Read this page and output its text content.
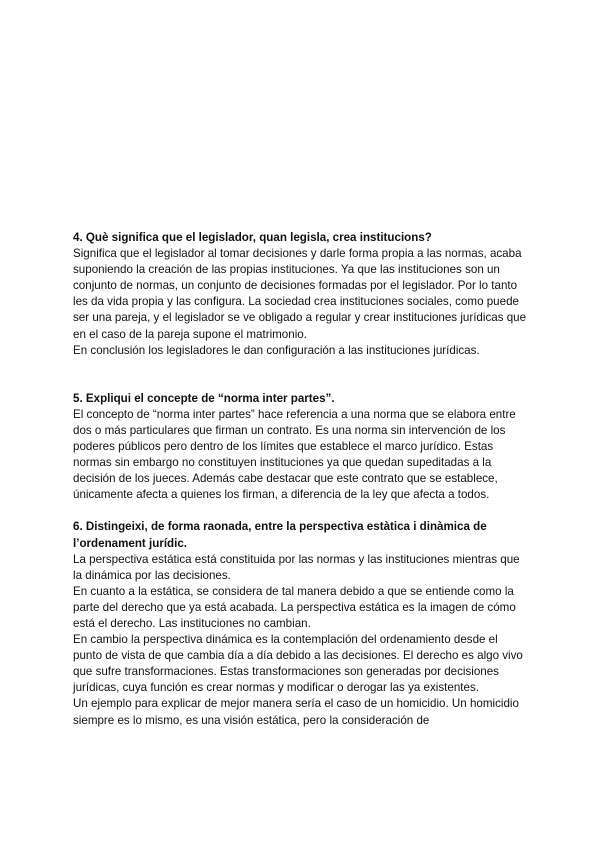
4. Què significa que el legislador, quan legisla, crea institucions?

Significa que el legislador al tomar decisiones y darle forma propia a las normas, acaba suponiendo la creación de las propias instituciones. Ya que las instituciones son un conjunto de normas, un conjunto de decisiones formadas por el legislador. Por lo tanto les da vida propia y las configura. La sociedad crea instituciones sociales, como puede ser una pareja, y el legislador se ve obligado a regular y crear instituciones jurídicas que en el caso de la pareja supone el matrimonio.

En conclusión los legisladores le dan configuración a las instituciones jurídicas.

5. Expliqui el concepte de “norma inter partes”.

El concepto de “norma inter partes” hace referencia a una norma que se elabora entre dos o más particulares que firman un contrato. Es una norma sin intervención de los poderes públicos pero dentro de los límites que establece el marco jurídico. Estas normas sin embargo no constituyen instituciones ya que quedan supeditadas a la decisión de los jueces. Además cabe destacar que este contrato que se establece, únicamente afecta a quienes los firman, a diferencia de la ley que afecta a todos.

6. Distingeixi, de forma raonada, entre la perspectiva estàtica i dinàmica de l’ordenament jurídic.

La perspectiva estática está constituida por las normas y las instituciones mientras que la dinámica por las decisiones.

En cuanto a la estática, se considera de tal manera debido a que se entiende como la parte del derecho que ya está acabada. La perspectiva estática es la imagen de cómo está el derecho. Las instituciones no cambian.

En cambio la perspectiva dinámica es la contemplación del ordenamiento desde el punto de vista de que cambia día a día debido a las decisiones. El derecho es algo vivo que sufre transformaciones. Estas transformaciones son generadas por decisiones jurídicas, cuya función es crear normas y modificar o derogar las ya existentes.

Un ejemplo para explicar de mejor manera sería el caso de un homicidio. Un homicidio siempre es lo mismo, es una visión estática, pero la consideración de
